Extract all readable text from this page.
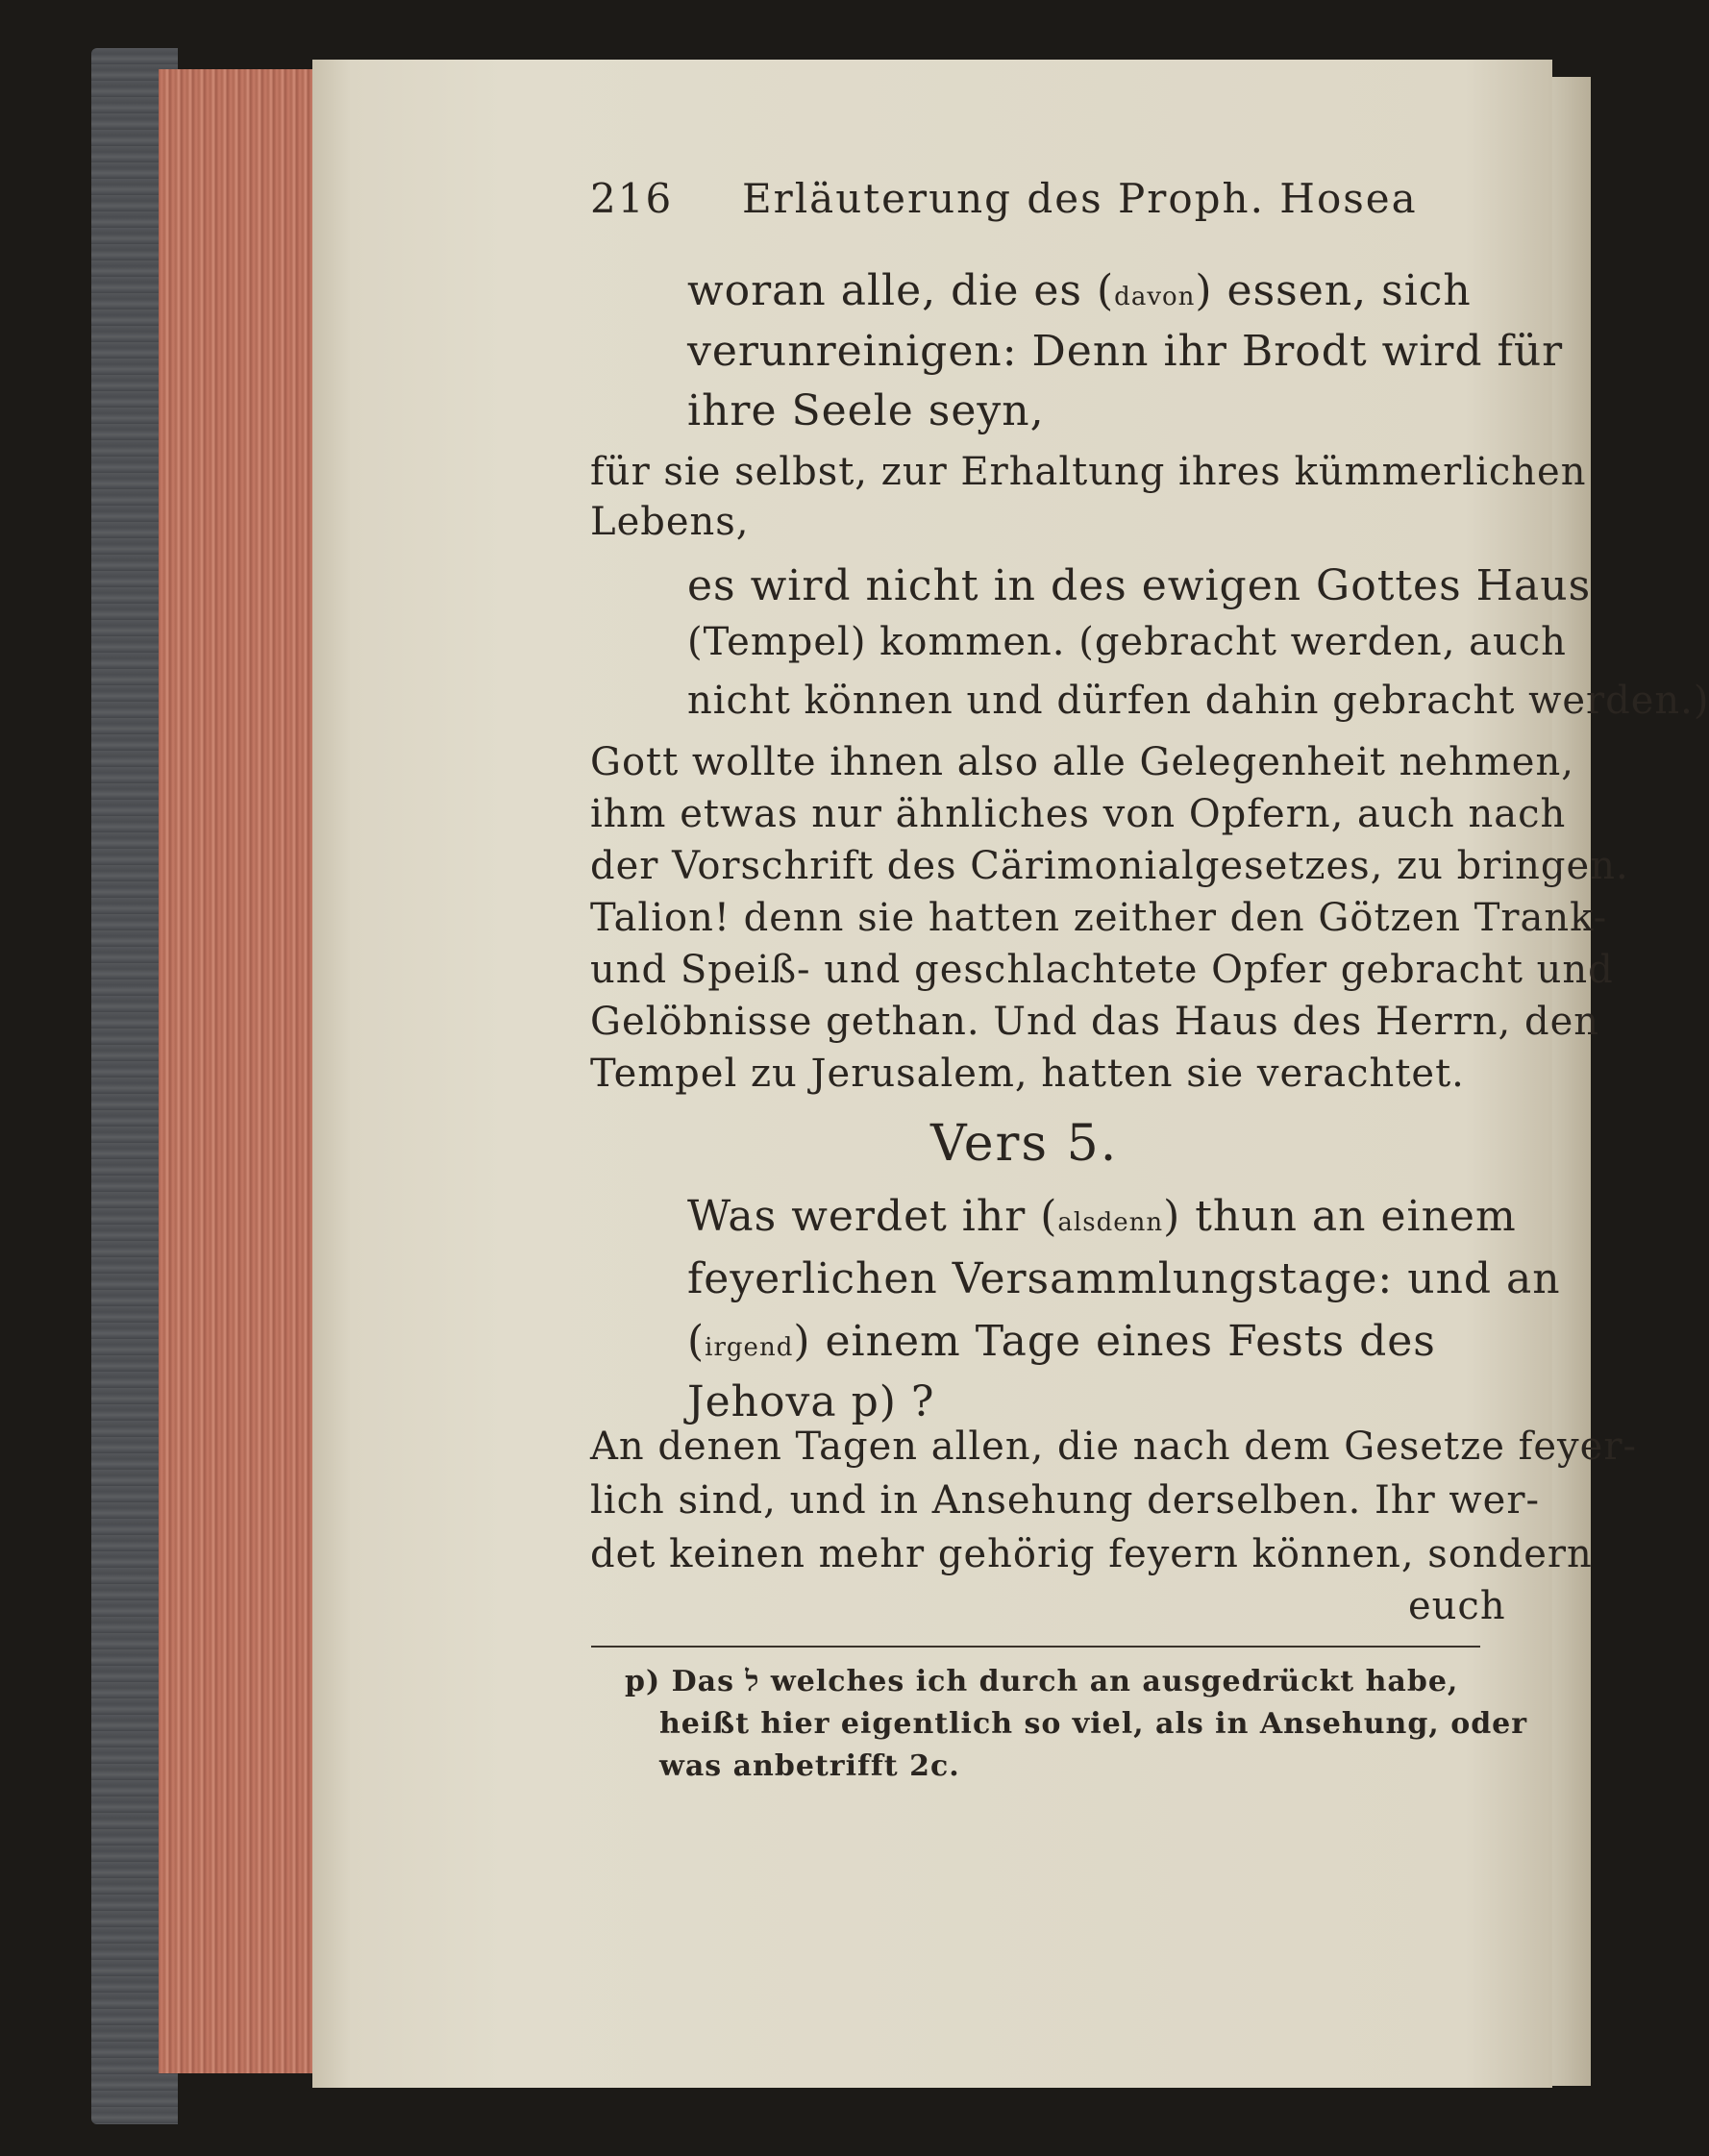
216 Erläuterung des Proph. Hosea
woran alle, die es (davon) essen, sich
verunreinigen: Denn ihr Brodt wird für
ihre Seele seyn,
für sie selbst, zur Erhaltung ihres kümmerlichen
Lebens,
es wird nicht in des ewigen Gottes Haus
(Tempel) kommen. (gebracht werden, auch
nicht können und dürfen dahin gebracht werden.)
Gott wollte ihnen also alle Gelegenheit nehmen,
ihm etwas nur ähnliches von Opfern, auch nach
der Vorschrift des Cärimonialgesetzes, zu bringen.
Talion! denn sie hatten zeither den Götzen Trank-
und Speiß- und geschlachtete Opfer gebracht und
Gelöbnisse gethan. Und das Haus des Herrn, den
Tempel zu Jerusalem, hatten sie verachtet.
Vers 5.
Was werdet ihr (alsdenn) thun an einem
feyerlichen Versammlungstage: und an
(irgend) einem Tage eines Fests des
Jehova p) ?
An denen Tagen allen, die nach dem Gesetze feyer-
lich sind, und in Ansehung derselben. Ihr wer-
det keinen mehr gehörig feyern können, sondern
euch
p) Das ל welches ich durch an ausgedrückt habe,
heißt hier eigentlich so viel, als in Ansehung, oder
was anbetrifft 2c.
